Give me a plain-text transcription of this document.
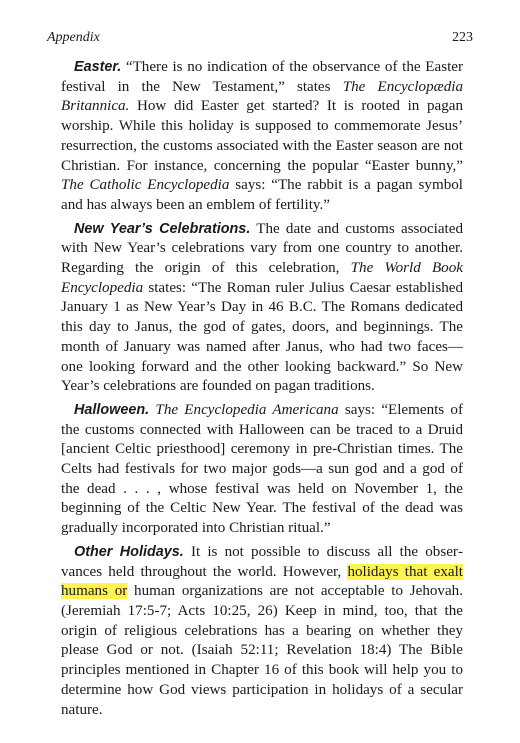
Appendix	223

Easter. “There is no indication of the observance of the Easter festival in the New Testament,” states The Encyclopædia Britannica. How did Easter get started? It is rooted in pagan worship. While this holiday is supposed to commemorate Jesus’ resurrection, the customs associated with the Easter season are not Christian. For instance, concerning the popular “Easter bunny,” The Catholic Encyclopedia says: “The rabbit is a pagan symbol and has always been an emblem of fertility.”

New Year’s Celebrations. The date and customs associated with New Year’s celebrations vary from one country to another. Regarding the origin of this celebration, The World Book Encyclopedia states: “The Roman ruler Julius Caesar established January 1 as New Year’s Day in 46 B.C. The Romans dedicated this day to Janus, the god of gates, doors, and beginnings. The month of January was named after Janus, who had two faces—one looking forward and the other looking backward.” So New Year’s celebrations are founded on pagan traditions.

Halloween. The Encyclopedia Americana says: “Elements of the customs connected with Halloween can be traced to a Druid [ancient Celtic priesthood] ceremony in pre-Christian times. The Celts had festivals for two major gods—a sun god and a god of the dead . . . , whose festival was held on November 1, the beginning of the Celtic New Year. The festival of the dead was gradually incorporated into Christian ritual.”

Other Holidays. It is not possible to discuss all the observances held throughout the world. However, holidays that exalt humans or human organizations are not acceptable to Jehovah. (Jeremiah 17:5-7; Acts 10:25, 26) Keep in mind, too, that the origin of religious celebrations has a bearing on whether they please God or not. (Isaiah 52:11; Revelation 18:4) The Bible principles mentioned in Chapter 16 of this book will help you to determine how God views participation in holidays of a secular nature.
